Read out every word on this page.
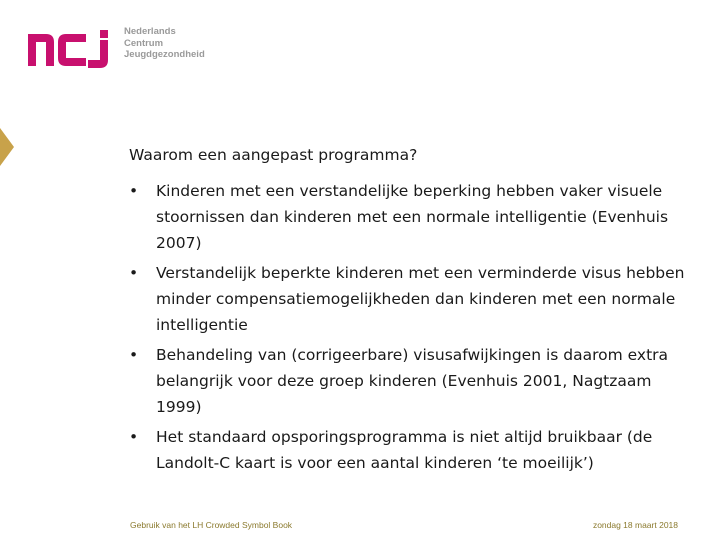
Nederlands
Centrum
Jeugdgezondheid
Waarom een aangepast programma?
• Kinderen met een verstandelijke beperking hebben vaker visuele stoornissen dan kinderen met een normale intelligentie (Evenhuis 2007)
• Verstandelijk beperkte kinderen met een verminderde visus hebben minder compensatiemogelijkheden dan kinderen met een normale intelligentie
• Behandeling van (corrigeerbare) visusafwijkingen is daarom extra belangrijk voor deze groep kinderen (Evenhuis 2001, Nagtzaam 1999)
• Het standaard opsporingsprogramma is niet altijd bruikbaar (de Landolt-C kaart is voor een aantal kinderen ‘te moeilijk’)
Gebruik van het LH Crowded Symbol Book	zondag 18 maart 2018
